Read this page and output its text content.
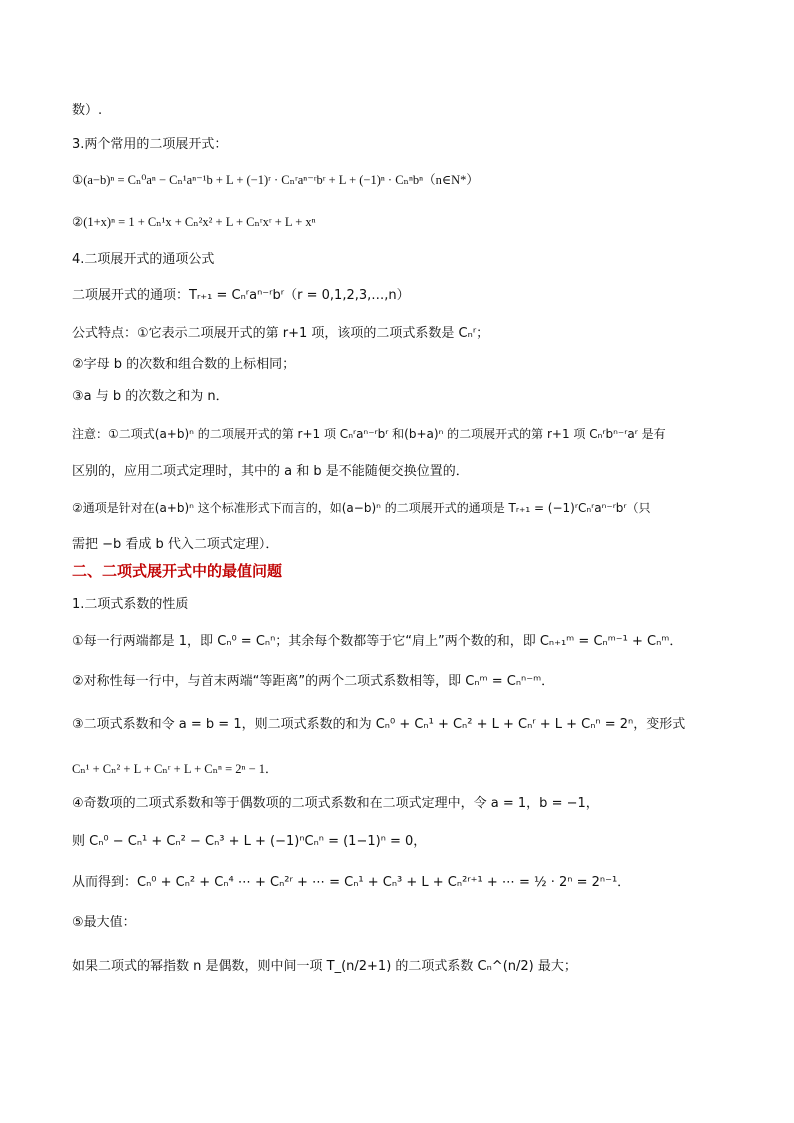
数）.
3.两个常用的二项展开式：
①(a−b)ⁿ = Cₙ⁰aⁿ − Cₙ¹aⁿ⁻¹b + L + (−1)ʳ · Cₙʳaⁿ⁻ʳbʳ + L + (−1)ⁿ · Cₙⁿbⁿ（n∈N*）
②(1+x)ⁿ = 1 + Cₙ¹x + Cₙ²x² + L + Cₙʳxʳ + L + xⁿ
4.二项展开式的通项公式
二项展开式的通项：Tᵣ₊₁ = Cₙʳaⁿ⁻ʳbʳ（r = 0,1,2,3,…,n）
公式特点：①它表示二项展开式的第 r+1 项，该项的二项式系数是 Cₙʳ；
②字母 b 的次数和组合数的上标相同；
③a 与 b 的次数之和为 n．
注意：①二项式(a+b)ⁿ 的二项展开式的第 r+1 项 Cₙʳaⁿ⁻ʳbʳ 和(b+a)ⁿ 的二项展开式的第 r+1 项 Cₙʳbⁿ⁻ʳaʳ 是有
区别的，应用二项式定理时，其中的 a 和 b 是不能随便交换位置的．
②通项是针对在(a+b)ⁿ 这个标准形式下而言的，如(a−b)ⁿ 的二项展开式的通项是 Tᵣ₊₁ = (−1)ʳCₙʳaⁿ⁻ʳbʳ（只
需把 −b 看成 b 代入二项式定理）．
二、二项式展开式中的最值问题
1.二项式系数的性质
①每一行两端都是 1，即 Cₙ⁰ = Cₙⁿ；其余每个数都等于它“肩上”两个数的和，即 Cₙ₊₁ᵐ = Cₙᵐ⁻¹ + Cₙᵐ．
②对称性每一行中，与首末两端“等距离”的两个二项式系数相等，即 Cₙᵐ = Cₙⁿ⁻ᵐ．
③二项式系数和令 a = b = 1，则二项式系数的和为 Cₙ⁰ + Cₙ¹ + Cₙ² + L + Cₙʳ + L + Cₙⁿ = 2ⁿ，变形式
Cₙ¹ + Cₙ² + L + Cₙʳ + L + Cₙⁿ = 2ⁿ − 1．
④奇数项的二项式系数和等于偶数项的二项式系数和在二项式定理中，令 a = 1，b = −1，
则 Cₙ⁰ − Cₙ¹ + Cₙ² − Cₙ³ + L + (−1)ⁿCₙⁿ = (1−1)ⁿ = 0，
从而得到：Cₙ⁰ + Cₙ² + Cₙ⁴ ⋯ + Cₙ²ʳ + ⋯ = Cₙ¹ + Cₙ³ + L + Cₙ²ʳ⁺¹ + ⋯ = ½ · 2ⁿ = 2ⁿ⁻¹．
⑤最大值：
如果二项式的幂指数 n 是偶数，则中间一项 T_(n/2+1) 的二项式系数 Cₙ^(n/2) 最大；
